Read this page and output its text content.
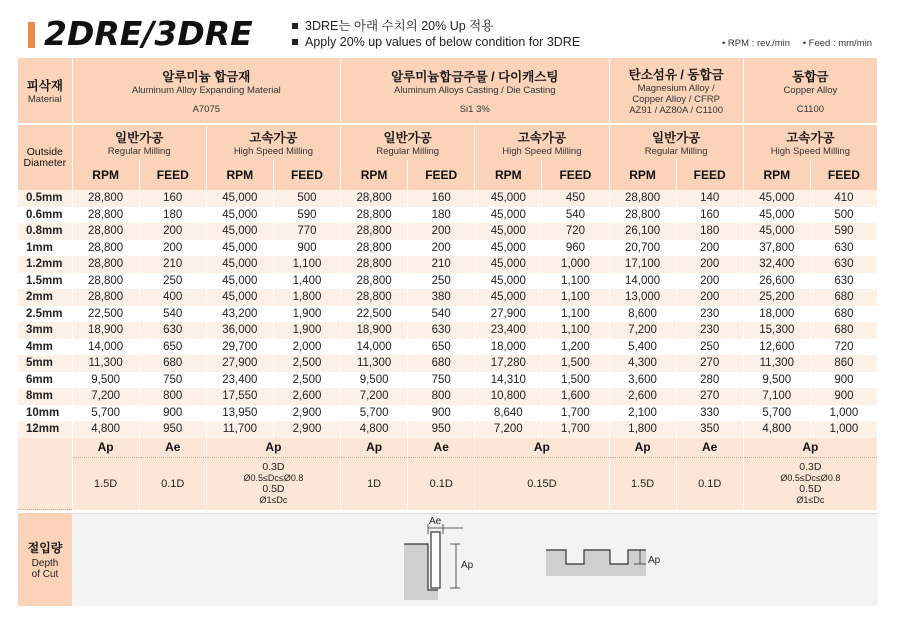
2DRE/3DRE	3DRE는 아래 수치의 20% Up 적용
Apply 20% up values of below condition for 3DRE	• RPM : rev./min • Feed : mm/min
피삭재
Material	알루미늄 합금재
Aluminum Alloy Expanding Material
A7075				알루미늄합금주물 / 다이캐스팅
Aluminum Alloys Casting / Die Casting
Si1 3%				탄소섬유 / 동합금
Magnesium Alloy /
Copper Alloy / CFRP
AZ91 / AZ80A / C1100		동합금
Copper Alloy
C1100	

Outside
Diameter	일반가공
Regular Milling		고속가공
High Speed Milling		일반가공
Regular Milling		고속가공
High Speed Milling		일반가공
Regular Milling		고속가공
High Speed Milling	

	RPM	FEED	RPM	FEED	RPM	FEED	RPM	FEED	RPM	FEED	RPM	FEED
0.5mm	28,800	160	45,000	500	28,800	160	45,000	450	28,800	140	45,000	410
0.6mm	28,800	180	45,000	590	28,800	180	45,000	540	28,800	160	45,000	500
0.8mm	28,800	200	45,000	770	28,800	200	45,000	720	26,100	180	45,000	590
1mm	28,800	200	45,000	900	28,800	200	45,000	960	20,700	200	37,800	630
1.2mm	28,800	210	45,000	1,100	28,800	210	45,000	1,000	17,100	200	32,400	630
1.5mm	28,800	250	45,000	1,400	28,800	250	45,000	1,100	14,000	200	26,600	630
2mm	28,800	400	45,000	1,800	28,800	380	45,000	1,100	13,000	200	25,200	680
2.5mm	22,500	540	43,200	1,900	22,500	540	27,900	1,100	8,600	230	18,000	680
3mm	18,900	630	36,000	1,900	18,900	630	23,400	1,100	7,200	230	15,300	680
4mm	14,000	650	29,700	2,000	14,000	650	18,000	1,200	5,400	250	12,600	720
5mm	11,300	680	27,900	2,500	11,300	680	17,280	1,500	4,300	270	11,300	860
6mm	9,500	750	23,400	2,500	9,500	750	14,310	1,500	3,600	280	9,500	900
8mm	7,200	800	17,550	2,600	7,200	800	10,800	1,600	2,600	270	7,100	900
10mm	5,700	900	13,950	2,900	5,700	900	8,640	1,700	2,100	330	5,700	1,000
12mm	4,800	950	11,700	2,900	4,800	950	7,200	1,700	1,800	350	4,800	1,000
	Ap	Ae	Ap		Ap	Ae	Ap		Ap	Ae	Ap	
	1.5D	0.1D	0.3D
Ø0.5≤Dc≤Ø0.8
0.5D
Ø1≤Dc		1D	0.1D	0.15D		1.5D	0.1D	0.3D
Ø0.5≤Dc≤Ø0.8
0.5D
Ø1≤Dc	
절입량
Depth
of Cut
Ae
Ap	Ap
